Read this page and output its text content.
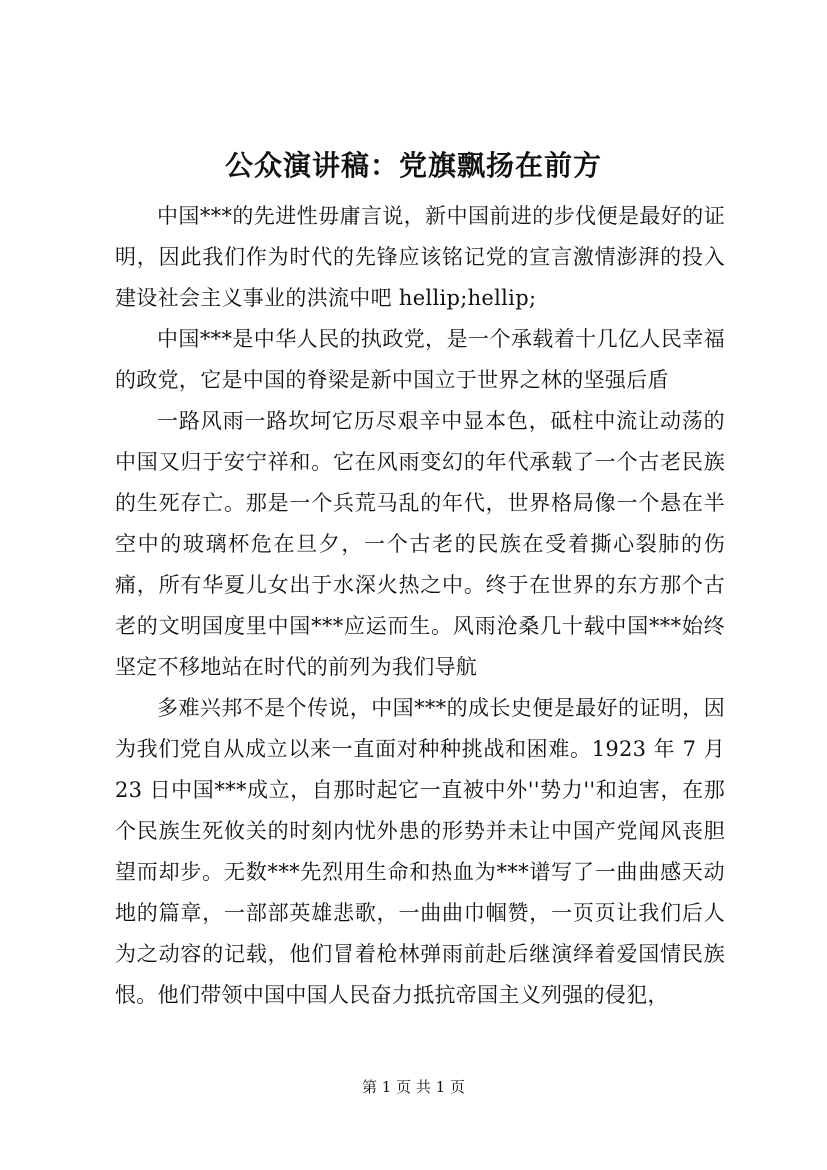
公众演讲稿：党旗飘扬在前方

中国***的先进性毋庸言说，新中国前进的步伐便是最好的证明，因此我们作为时代的先锋应该铭记党的宣言激情澎湃的投入建设社会主义事业的洪流中吧 hellip;hellip;

中国***是中华人民的执政党，是一个承载着十几亿人民幸福的政党，它是中国的脊梁是新中国立于世界之林的坚强后盾

一路风雨一路坎坷它历尽艰辛中显本色，砥柱中流让动荡的中国又归于安宁祥和。它在风雨变幻的年代承载了一个古老民族的生死存亡。那是一个兵荒马乱的年代，世界格局像一个悬在半空中的玻璃杯危在旦夕，一个古老的民族在受着撕心裂肺的伤痛，所有华夏儿女出于水深火热之中。终于在世界的东方那个古老的文明国度里中国***应运而生。风雨沧桑几十载中国***始终坚定不移地站在时代的前列为我们导航

多难兴邦不是个传说，中国***的成长史便是最好的证明，因为我们党自从成立以来一直面对种种挑战和困难。1923 年 7 月 23 日中国***成立，自那时起它一直被中外''势力''和迫害，在那个民族生死攸关的时刻内忧外患的形势并未让中国产党闻风丧胆望而却步。无数***先烈用生命和热血为***谱写了一曲曲感天动地的篇章，一部部英雄悲歌，一曲曲巾帼赞，一页页让我们后人为之动容的记载，他们冒着枪林弹雨前赴后继演绎着爱国情民族恨。他们带领中国中国人民奋力抵抗帝国主义列强的侵犯，

第 1 页 共 1 页
